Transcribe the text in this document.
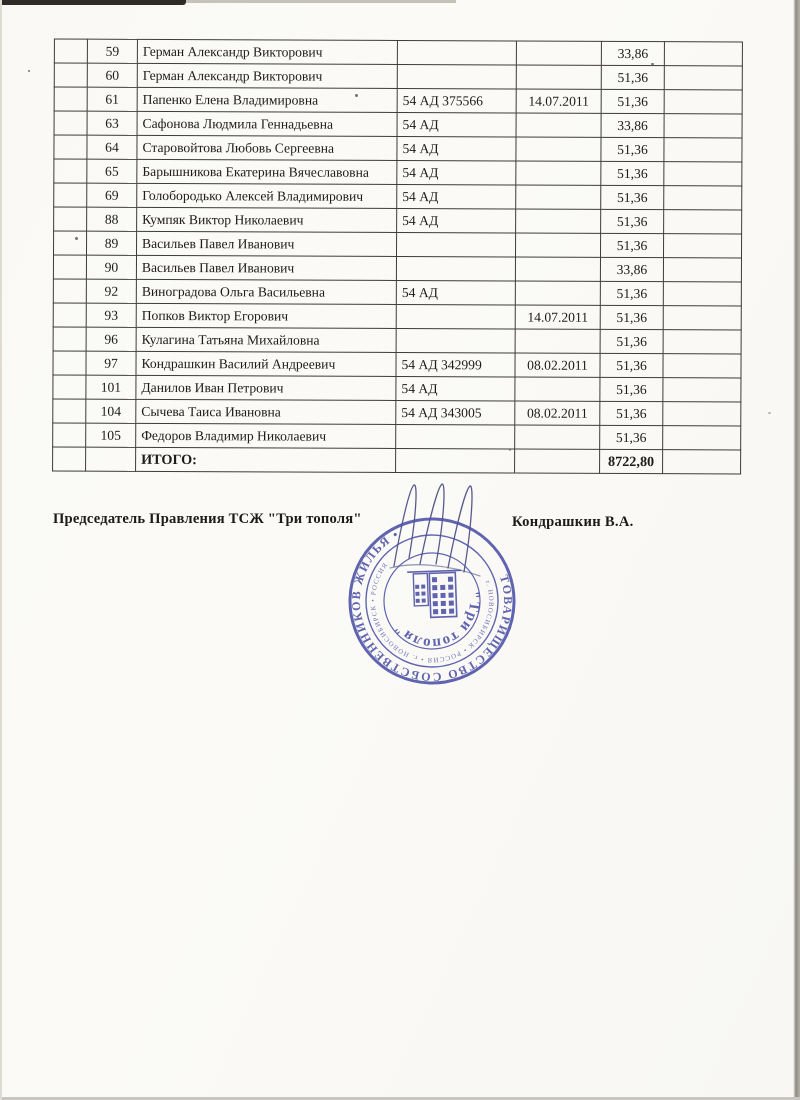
	59	Герман Александр Викторович			33,86	
	60	Герман Александр Викторович			51,36	
	61	Папенко Елена Владимировна	54 АД 375566	14.07.2011	51,36	
	63	Сафонова Людмила Геннадьевна	54 АД		33,86	
	64	Старовойтова Любовь Сергеевна	54 АД		51,36	
	65	Барышникова Екатерина Вячеславовна	54 АД		51,36	
	69	Голобородько Алексей Владимирович	54 АД		51,36	
	88	Кумпяк Виктор Николаевич	54 АД		51,36	
	89	Васильев Павел Иванович			51,36	
	90	Васильев Павел Иванович			33,86	
	92	Виноградова Ольга Васильевна	54 АД		51,36	
	93	Попков Виктор Егорович		14.07.2011	51,36	
	96	Кулагина Татьяна Михайловна			51,36	
	97	Кондрашкин Василий Андреевич	54 АД 342999	08.02.2011	51,36	
	101	Данилов Иван Петрович	54 АД		51,36	
	104	Сычева Таиса Ивановна	54 АД 343005	08.02.2011	51,36	
	105	Федоров Владимир Николаевич			51,36	
		ИТОГО:			8722,80	
Председатель Правления ТСЖ "Три тополя"	Кондрашкин В.А.
ТОВАРИЩЕСТВО СОБСТВЕННИКОВ ЖИЛЬЯ •
г. НОВОСИБИРСК • РОССИЯ • г. НОВОСИБИРСК • РОССИЯ
"Три тополя"
